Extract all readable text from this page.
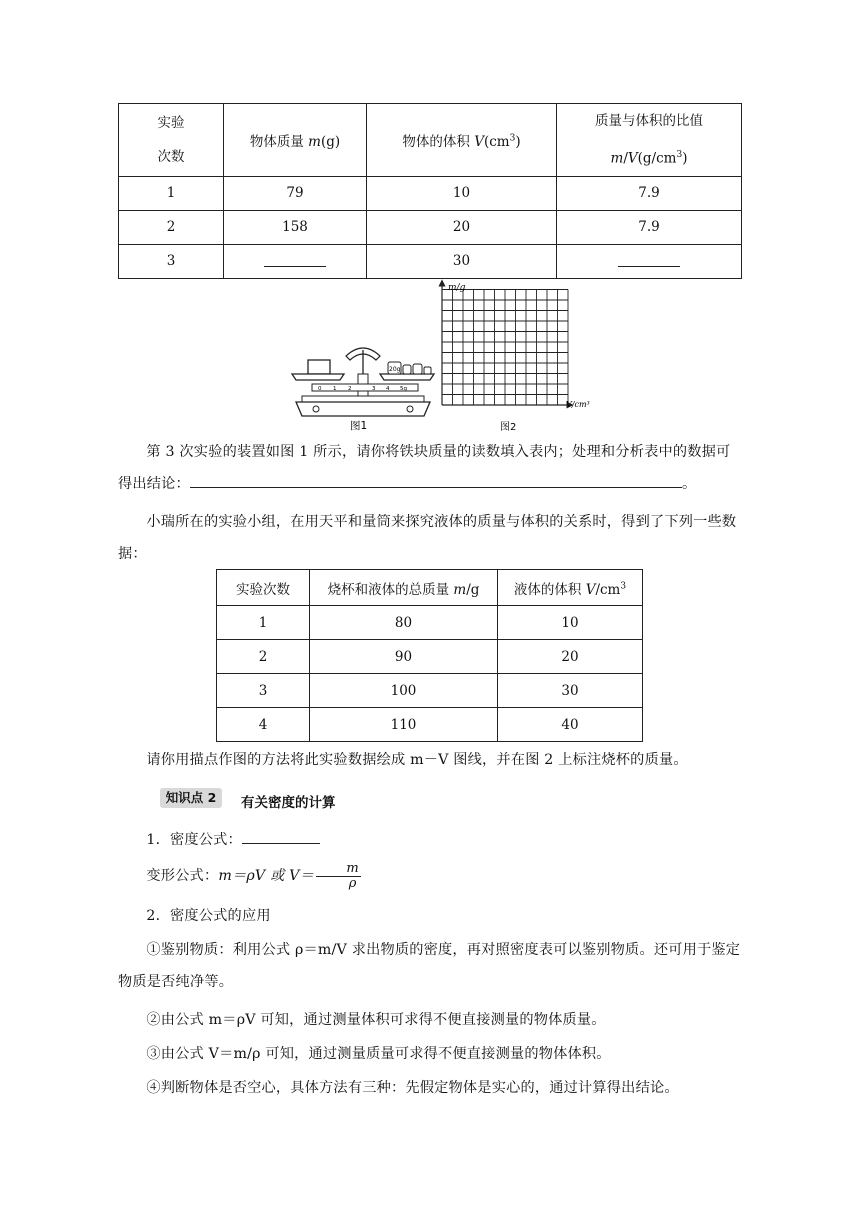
实验
次数	物体质量 m(g)	物体的体积 $V(cm^3)$	质量与体积的比值
$m/V(g/cm^3)$
1	79	10	7.9
2	158	20	7.9
3		30	
20g
0 1 2	3 4 5g
图1
m/g
V/cm³
图2
第 3 次实验的装置如图 1 所示，请你将铁块质量的读数填入表内；处理和分析表中的数据可得出结论：	。
小瑞所在的实验小组，在用天平和量筒来探究液体的质量与体积的关系时，得到了下列一些数据：
实验次数	烧杯和液体的总质量 m/g	液体的体积 $V/cm^3$
1	80	10
2	90	20
3	100	30
4	110	40
请你用描点作图的方法将此实验数据绘成 m－V 图线，并在图 2 上标注烧杯的质量。
知识点 2	有关密度的计算
1．密度公式：
变形公式：m＝ρV 或 $V= \frac{m}{\rho}$
2．密度公式的应用
①鉴别物质：利用公式 ρ＝m/V 求出物质的密度，再对照密度表可以鉴别物质。还可用于鉴定物质是否纯净等。
②由公式 m＝ρV 可知，通过测量体积可求得不便直接测量的物体质量。
③由公式 V＝m/ρ 可知，通过测量质量可求得不便直接测量的物体体积。
④判断物体是否空心，具体方法有三种：先假定物体是实心的，通过计算得出结论。
